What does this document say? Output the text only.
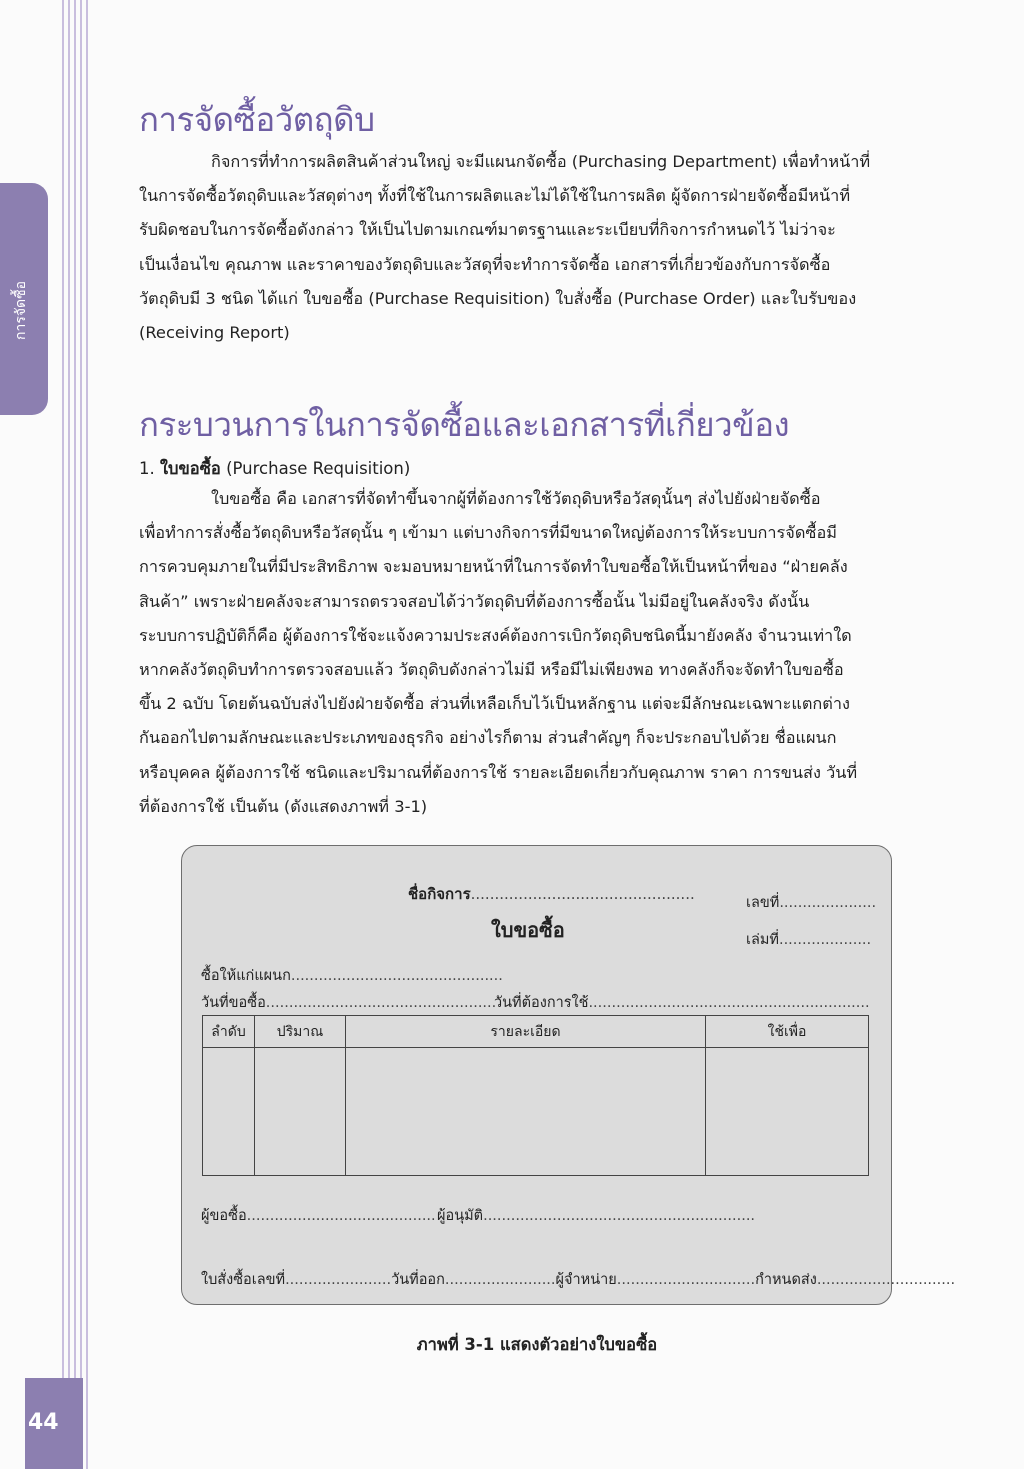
การจัดซื้อ
44
การจัดซื้อวัตถุดิบ
กิจการที่ทำการผลิตสินค้าส่วนใหญ่ จะมีแผนกจัดซื้อ (Purchasing Department) เพื่อทำหน้าที่
ในการจัดซื้อวัตถุดิบและวัสดุต่างๆ ทั้งที่ใช้ในการผลิตและไม่ได้ใช้ในการผลิต ผู้จัดการฝ่ายจัดซื้อมีหน้าที่
รับผิดชอบในการจัดซื้อดังกล่าว ให้เป็นไปตามเกณฑ์มาตรฐานและระเบียบที่กิจการกำหนดไว้ ไม่ว่าจะ
เป็นเงื่อนไข คุณภาพ และราคาของวัตถุดิบและวัสดุที่จะทำการจัดซื้อ เอกสารที่เกี่ยวข้องกับการจัดซื้อ
วัตถุดิบมี 3 ชนิด ได้แก่ ใบขอซื้อ (Purchase Requisition) ใบสั่งซื้อ (Purchase Order) และใบรับของ
(Receiving Report)
กระบวนการในการจัดซื้อและเอกสารที่เกี่ยวข้อง
1. ใบขอซื้อ (Purchase Requisition)
ใบขอซื้อ คือ เอกสารที่จัดทำขึ้นจากผู้ที่ต้องการใช้วัตถุดิบหรือวัสดุนั้นๆ ส่งไปยังฝ่ายจัดซื้อ
เพื่อทำการสั่งซื้อวัตถุดิบหรือวัสดุนั้น ๆ เข้ามา แต่บางกิจการที่มีขนาดใหญ่ต้องการให้ระบบการจัดซื้อมี
การควบคุมภายในที่มีประสิทธิภาพ จะมอบหมายหน้าที่ในการจัดทำใบขอซื้อให้เป็นหน้าที่ของ “ฝ่ายคลัง
สินค้า” เพราะฝ่ายคลังจะสามารถตรวจสอบได้ว่าวัตถุดิบที่ต้องการซื้อนั้น ไม่มีอยู่ในคลังจริง ดังนั้น
ระบบการปฏิบัติก็คือ ผู้ต้องการใช้จะแจ้งความประสงค์ต้องการเบิกวัตถุดิบชนิดนี้มายังคลัง จำนวนเท่าใด
หากคลังวัตถุดิบทำการตรวจสอบแล้ว วัตถุดิบดังกล่าวไม่มี หรือมีไม่เพียงพอ ทางคลังก็จะจัดทำใบขอซื้อ
ขึ้น 2 ฉบับ โดยต้นฉบับส่งไปยังฝ่ายจัดซื้อ ส่วนที่เหลือเก็บไว้เป็นหลักฐาน แต่จะมีลักษณะเฉพาะแตกต่าง
กันออกไปตามลักษณะและประเภทของธุรกิจ อย่างไรก็ตาม ส่วนสำคัญๆ ก็จะประกอบไปด้วย ชื่อแผนก
หรือบุคคล ผู้ต้องการใช้ ชนิดและปริมาณที่ต้องการใช้ รายละเอียดเกี่ยวกับคุณภาพ ราคา การขนส่ง วันที่
ที่ต้องการใช้ เป็นต้น (ดังแสดงภาพที่ 3-1)
ชื่อกิจการ...............................................
ใบขอซื้อ
เลขที่.....................
เล่มที่....................
ซื้อให้แก่แผนก..............................................
วันที่ขอซื้อ..................................................
วันที่ต้องการใช้.............................................................
ลำดับ	ปริมาณ	รายละเอียด	ใช้เพื่อ

ผู้ขอซื้อ......................................... ผู้อนุมัติ...........................................................
ใบสั่งซื้อเลขที่.......................วันที่ออก........................ผู้จำหน่าย..............................กำหนดส่ง..............................
ภาพที่ 3-1 แสดงตัวอย่างใบขอซื้อ
